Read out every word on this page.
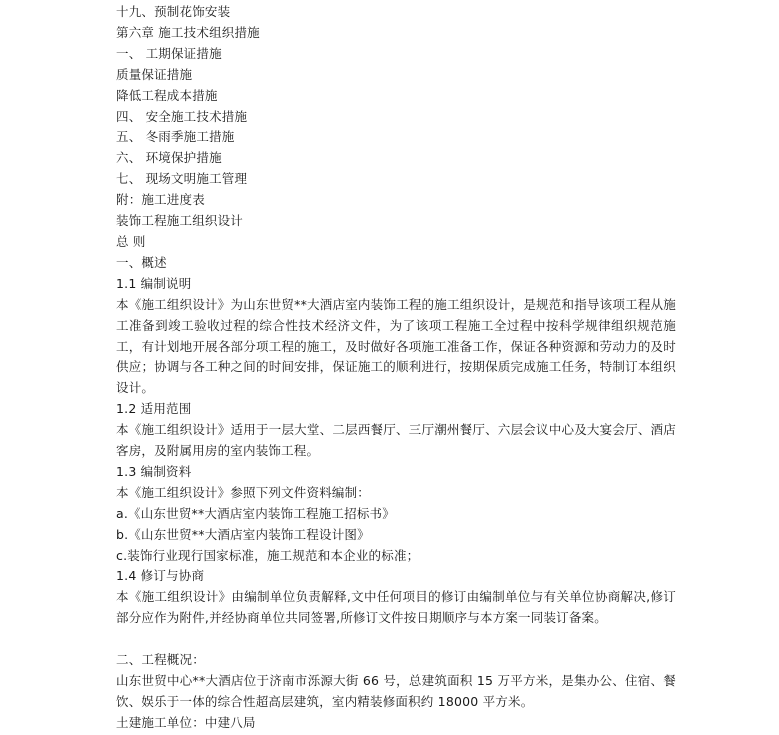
十九、预制花饰安装
第六章 施工技术组织措施
一、 工期保证措施
质量保证措施
降低工程成本措施
四、 安全施工技术措施
五、 冬雨季施工措施
六、 环境保护措施
七、 现场文明施工管理
附：施工进度表
装饰工程施工组织设计
总 则
一、概述
1.1 编制说明
本《施工组织设计》为山东世贸**大酒店室内装饰工程的施工组织设计，是规范和指导该项工程从施工准备到竣工验收过程的综合性技术经济文件，为了该项工程施工全过程中按科学规律组织规范施工，有计划地开展各部分项工程的施工，及时做好各项施工准备工作，保证各种资源和劳动力的及时供应；协调与各工种之间的时间安排，保证施工的顺利进行，按期保质完成施工任务，特制订本组织设计。
1.2 适用范围
本《施工组织设计》适用于一层大堂、二层西餐厅、三厅潮州餐厅、六层会议中心及大宴会厅、酒店客房，及附属用房的室内装饰工程。
1.3 编制资料
本《施工组织设计》参照下列文件资料编制：
a.《山东世贸**大酒店室内装饰工程施工招标书》
b.《山东世贸**大酒店室内装饰工程设计图》
c.装饰行业现行国家标准，施工规范和本企业的标准；
1.4 修订与协商
本《施工组织设计》由编制单位负责解释,文中任何项目的修订由编制单位与有关单位协商解决,修订部分应作为附件,并经协商单位共同签署,所修订文件按日期顺序与本方案一同装订备案。
二、工程概况：
山东世贸中心**大酒店位于济南市泺源大街 66 号，总建筑面积 15 万平方米，是集办公、住宿、餐饮、娱乐于一体的综合性超高层建筑，室内精装修面积约 18000 平方米。
土建施工单位：中建八局
